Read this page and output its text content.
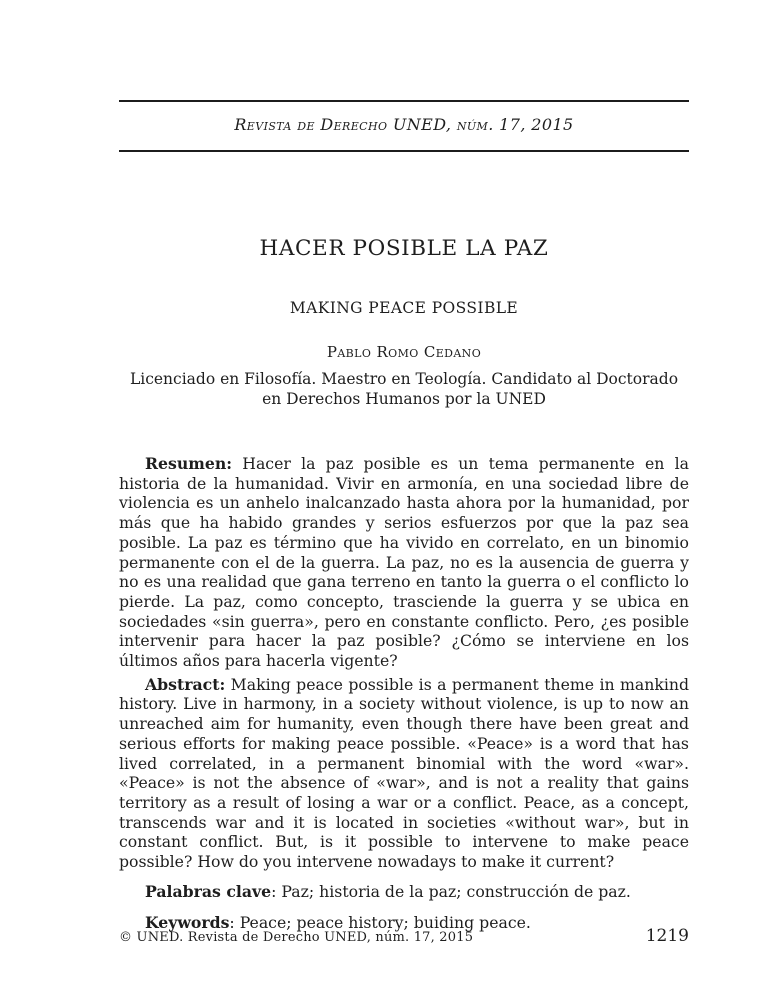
Revista de Derecho UNED, núm. 17, 2015
HACER POSIBLE LA PAZ
MAKING PEACE POSSIBLE
Pablo Romo Cedano
Licenciado en Filosofía. Maestro en Teología. Candidato al Doctorado
en Derechos Humanos por la UNED

Resumen: Hacer la paz posible es un tema permanente en la historia de la humanidad. Vivir en armonía, en una sociedad libre de violencia es un anhelo inalcanzado hasta ahora por la humanidad, por más que ha habido grandes y serios esfuerzos por que la paz sea posible. La paz es término que ha vivido en correlato, en un binomio permanente con el de la guerra. La paz, no es la ausencia de guerra y no es una realidad que gana terreno en tanto la guerra o el conflicto lo pierde. La paz, como concepto, trasciende la guerra y se ubica en sociedades «sin guerra», pero en constante conflicto. Pero, ¿es posible intervenir para hacer la paz posible? ¿Cómo se interviene en los últimos años para hacerla vigente?

Abstract: Making peace possible is a permanent theme in mankind history. Live in harmony, in a society without violence, is up to now an unreached aim for humanity, even though there have been great and serious efforts for making peace possible. «Peace» is a word that has lived correlated, in a permanent binomial with the word «war». «Peace» is not the absence of «war», and is not a reality that gains territory as a result of losing a war or a conflict. Peace, as a concept, transcends war and it is located in societies «without war», but in constant conflict. But, is it possible to intervene to make peace possible? How do you intervene nowadays to make it current?

Palabras clave: Paz; historia de la paz; construcción de paz.

Keywords: Peace; peace history; buiding peace.

© UNED. Revista de Derecho UNED, núm. 17, 2015	1219
